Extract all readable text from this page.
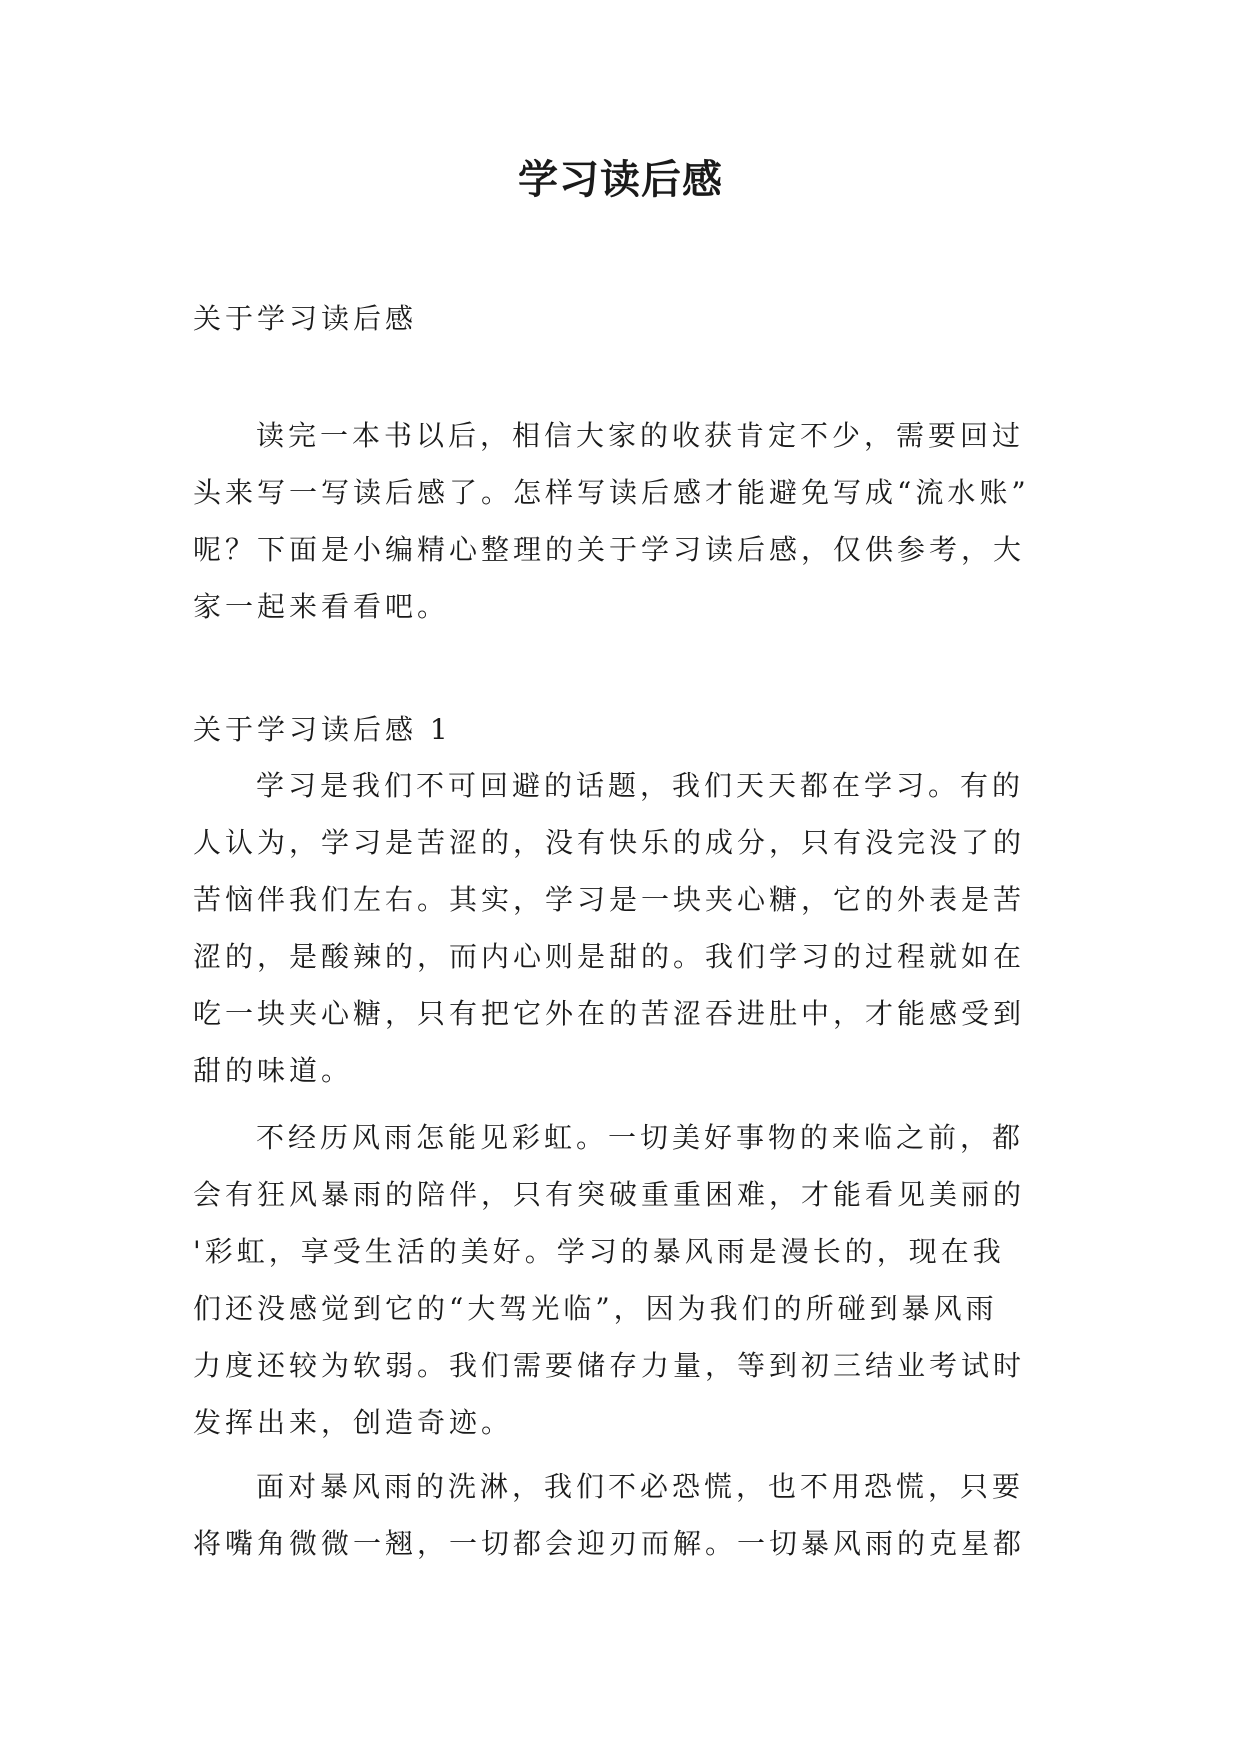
学习读后感
关于学习读后感
读完一本书以后，相信大家的收获肯定不少，需要回过
头来写一写读后感了。怎样写读后感才能避免写成“流水账”
呢？下面是小编精心整理的关于学习读后感，仅供参考，大
家一起来看看吧。
关于学习读后感 1
学习是我们不可回避的话题，我们天天都在学习。有的
人认为，学习是苦涩的，没有快乐的成分，只有没完没了的
苦恼伴我们左右。其实，学习是一块夹心糖，它的外表是苦
涩的，是酸辣的，而内心则是甜的。我们学习的过程就如在
吃一块夹心糖，只有把它外在的苦涩吞进肚中，才能感受到
甜的味道。
不经历风雨怎能见彩虹。一切美好事物的来临之前，都
会有狂风暴雨的陪伴，只有突破重重困难，才能看见美丽的
'彩虹，享受生活的美好。学习的暴风雨是漫长的，现在我
们还没感觉到它的“大驾光临”，因为我们的所碰到暴风雨
力度还较为软弱。我们需要储存力量，等到初三结业考试时
发挥出来，创造奇迹。
面对暴风雨的洗淋，我们不必恐慌，也不用恐慌，只要
将嘴角微微一翘，一切都会迎刃而解。一切暴风雨的克星都
